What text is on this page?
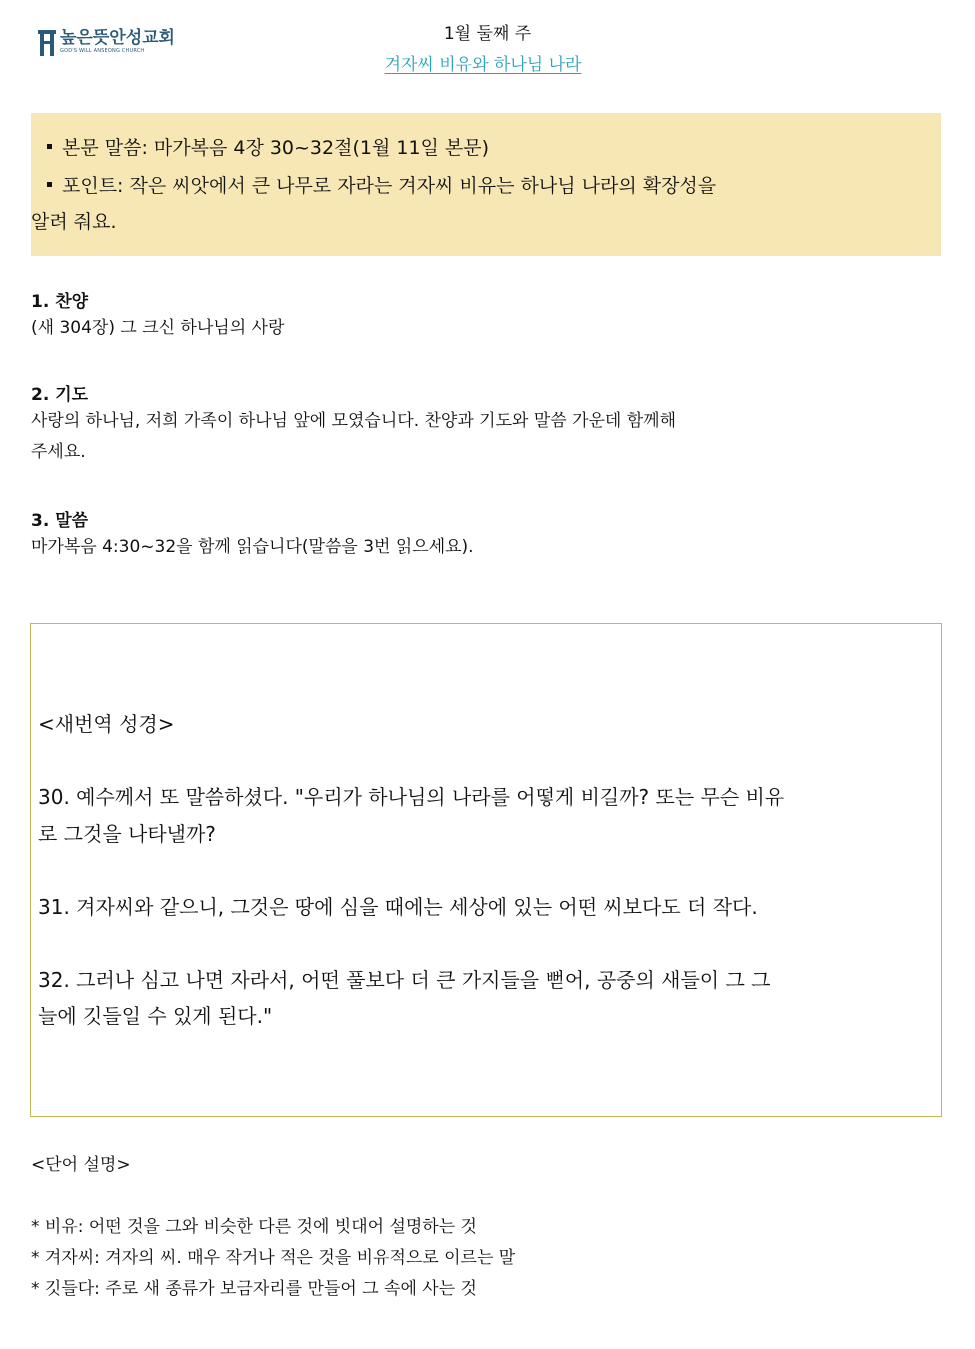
높은뜻안성교회
GOD'S WILL ANSEONG CHURCH
1월 둘째 주
겨자씨 비유와 하나님 나라

본문 말씀: 마가복음 4장 30~32절(1월 11일 본문)

포인트: 작은 씨앗에서 큰 나무로 자라는 겨자씨 비유는 하나님 나라의 확장성을

알려 줘요.

1. 찬양
(새 304장) 그 크신 하나님의 사랑
2. 기도
사랑의 하나님, 저희 가족이 하나님 앞에 모였습니다. 찬양과 기도와 말씀 가운데 함께해
주세요.
3. 말씀
마가복음 4:30~32을 함께 읽습니다(말씀을 3번 읽으세요).
<새번역 성경>
30. 예수께서 또 말씀하셨다. "우리가 하나님의 나라를 어떻게 비길까? 또는 무슨 비유
로 그것을 나타낼까?
31. 겨자씨와 같으니, 그것은 땅에 심을 때에는 세상에 있는 어떤 씨보다도 더 작다.
32. 그러나 심고 나면 자라서, 어떤 풀보다 더 큰 가지들을 뻗어, 공중의 새들이 그 그
늘에 깃들일 수 있게 된다."
<단어 설명>
* 비유: 어떤 것을 그와 비슷한 다른 것에 빗대어 설명하는 것
* 겨자씨: 겨자의 씨. 매우 작거나 적은 것을 비유적으로 이르는 말
* 깃들다: 주로 새 종류가 보금자리를 만들어 그 속에 사는 것
